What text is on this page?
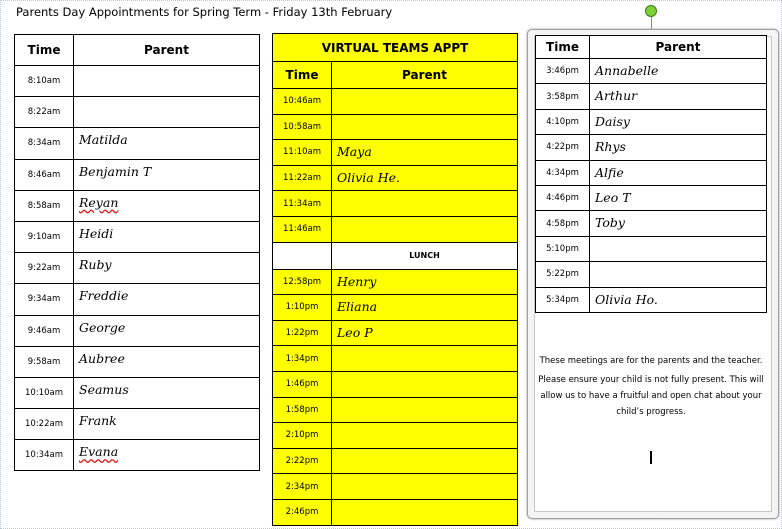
Parents Day Appointments for Spring Term - Friday 13th February
Time	Parent
8:10am	
8:22am	
8:34am	Matilda
8:46am	Benjamin T
8:58am	Reyan
9:10am	Heidi
9:22am	Ruby
9:34am	Freddie
9:46am	George
9:58am	Aubree
10:10am	Seamus
10:22am	Frank
10:34am	Evana
VIRTUAL TEAMS APPT	
Time	Parent
10:46am	
10:58am	
11:10am	Maya
11:22am	Olivia He.
11:34am	
11:46am	
	LUNCH
12:58pm	Henry
1:10pm	Eliana
1:22pm	Leo P
1:34pm	
1:46pm	
1:58pm	
2:10pm	
2:22pm	
2:34pm	
2:46pm	
Time	Parent
3:46pm	Annabelle
3:58pm	Arthur
4:10pm	Daisy
4:22pm	Rhys
4:34pm	Alfie
4:46pm	Leo T
4:58pm	Toby
5:10pm	
5:22pm	
5:34pm	Olivia Ho.

These meetings are for the parents and the teacher.

Please ensure your child is not fully present. This will allow us to have a fruitful and open chat about your child’s progress.

.....
